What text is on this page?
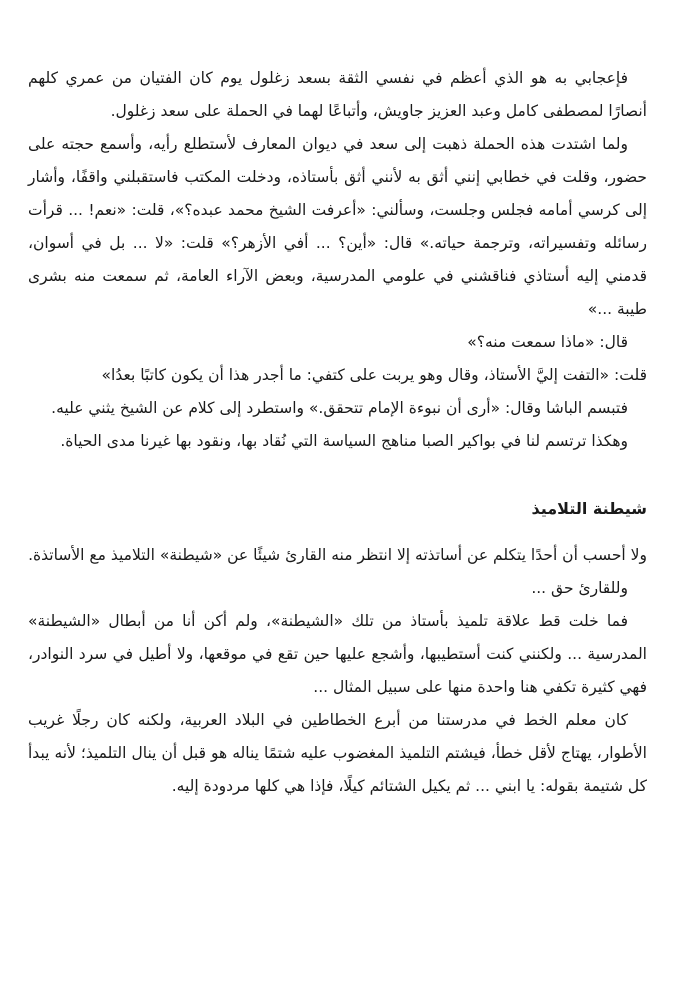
فإعجابي به هو الذي أعظم في نفسي الثقة بسعد زغلول يوم كان الفتيان من عمري كلهم أنصارًا لمصطفى كامل وعبد العزيز جاويش، وأتباعًا لهما في الحملة على سعد زغلول.

ولما اشتدت هذه الحملة ذهبت إلى سعد في ديوان المعارف لأستطلع رأيه، وأسمع حجته على حضور، وقلت في خطابي إنني أثق به لأنني أثق بأستاذه، ودخلت المكتب فاستقبلني واقفًا، وأشار إلى كرسي أمامه فجلس وجلست، وسألني: «أعرفت الشيخ محمد عبده؟»، قلت: «نعم! ... قرأت رسائله وتفسيراته، وترجمة حياته.» قال: «أين؟ ... أفي الأزهر؟» قلت: «لا ... بل في أسوان، قدمني إليه أستاذي فناقشني في علومي المدرسية، وبعض الآراء العامة، ثم سمعت منه بشرى طيبة ...»

قال: «ماذا سمعت منه؟»

قلت: «التفت إليَّ الأستاذ، وقال وهو يربت على كتفي: ما أجدر هذا أن يكون كاتبًا بعدُا»

فتبسم الباشا وقال: «أرى أن نبوءة الإمام تتحقق.» واستطرد إلى كلام عن الشيخ يثني عليه.

وهكذا ترتسم لنا في بواكير الصبا مناهج السياسة التي نُقاد بها، ونقود بها غيرنا مدى الحياة.

شيطنة التلاميذ

ولا أحسب أن أحدًا يتكلم عن أساتذته إلا انتظر منه القارئ شيئًا عن «شيطنة» التلاميذ مع الأساتذة.

وللقارئ حق ...

فما خلت قط علاقة تلميذ بأستاذ من تلك «الشيطنة»، ولم أكن أنا من أبطال «الشيطنة» المدرسية ... ولكنني كنت أستطيبها، وأشجع عليها حين تقع في موقعها، ولا أطيل في سرد النوادر، فهي كثيرة تكفي هنا واحدة منها على سبيل المثال ...

كان معلم الخط في مدرستنا من أبرع الخطاطين في البلاد العربية، ولكنه كان رجلًا غريب الأطوار، يهتاج لأقل خطأ، فيشتم التلميذ المغضوب عليه شتمًا يناله هو قبل أن ينال التلميذ؛ لأنه يبدأ كل شتيمة بقوله: يا ابني ... ثم يكيل الشتائم كيلًا، فإذا هي كلها مردودة إليه.
